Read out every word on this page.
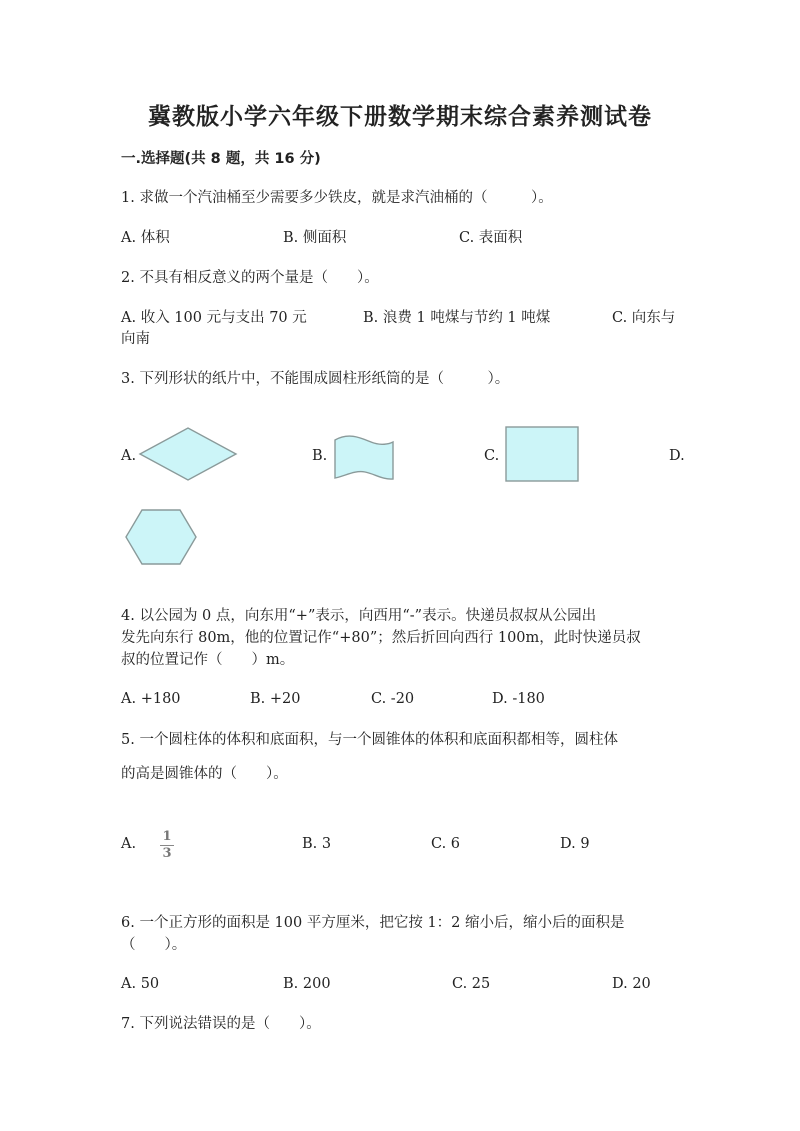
冀教版小学六年级下册数学期末综合素养测试卷
一.选择题(共 8 题，共 16 分)
1. 求做一个汽油桶至少需要多少铁皮，就是求汽油桶的（　　　）。
A. 体积	B. 侧面积	C. 表面积
2. 不具有相反意义的两个量是（　　）。
A. 收入 100 元与支出 70 元	B. 浪费 1 吨煤与节约 1 吨煤	C. 向东与
向南
3. 下列形状的纸片中，不能围成圆柱形纸筒的是（　　　）。
A.	B.	C.	D.
4. 以公园为 0 点，向东用“+”表示，向西用“-”表示。快递员叔叔从公园出
发先向东行 80m，他的位置记作“+80”；然后折回向西行 100m，此时快递员叔
叔的位置记作（　　）m。
A. +180	B. +20	C. -20	D. -180
5. 一个圆柱体的体积和底面积，与一个圆锥体的体积和底面积都相等，圆柱体
的高是圆锥体的（　　）。
A. 1
3
B. 3	C. 6	D. 9
6. 一个正方形的面积是 100 平方厘米，把它按 1：2 缩小后，缩小后的面积是
（　　）。
A. 50	B. 200	C. 25	D. 20
7. 下列说法错误的是（　　）。
